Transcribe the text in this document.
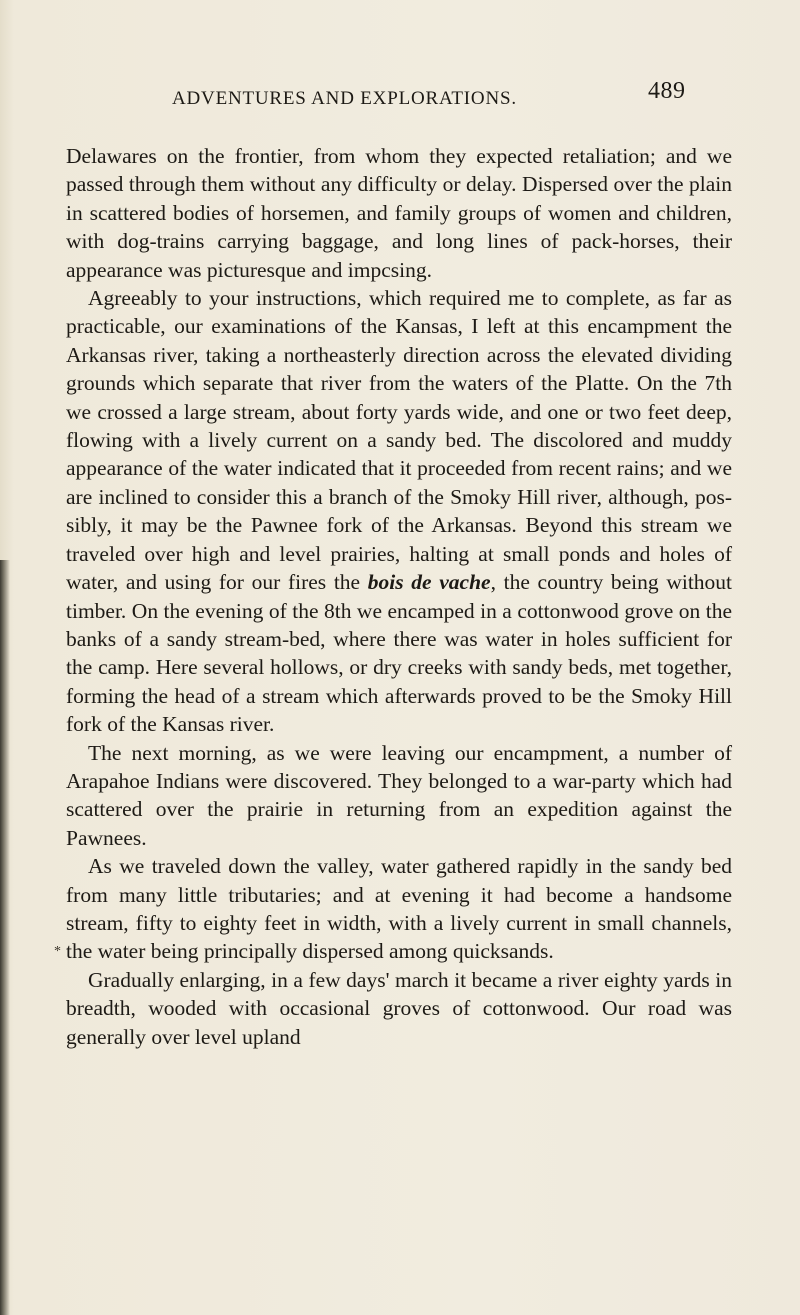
ADVENTURES AND EXPLORATIONS.	489

Delawares on the frontier, from whom they expected retaliation; and we passed through them without any difficulty or delay. Dispersed over the plain in scattered bodies of horsemen, and family groups of women and children, with dog-trains carrying baggage, and long lines of pack-horses, their appearance was picturesque and impcsing.

Agreeably to your instructions, which required me to complete, as far as practicable, our examinations of the Kansas, I left at this encampment the Arkansas river, taking a northeasterly direction across the elevated dividing grounds which separate that river from the waters of the Platte. On the 7th we crossed a large stream, about forty yards wide, and one or two feet deep, flowing with a lively current on a sandy bed. The discolored and muddy appearance of the water indicated that it proceeded from recent rains; and we are inclined to consider this a branch of the Smoky Hill river, although, possibly, it may be the Pawnee fork of the Arkansas. Beyond this stream we traveled over high and level prairies, halting at small ponds and holes of water, and using for our fires the bois de vache, the country being without timber. On the evening of the 8th we encamped in a cottonwood grove on the banks of a sandy stream-bed, where there was water in holes sufficient for the camp. Here several hollows, or dry creeks with sandy beds, met together, forming the head of a stream which afterwards proved to be the Smoky Hill fork of the Kansas river.

The next morning, as we were leaving our encampment, a number of Arapahoe Indians were discovered. They belonged to a war-party which had scattered over the prairie in returning from an expedition against the Pawnees.

As we traveled down the valley, water gathered rapidly in the sandy bed from many little tributaries; and at evening it had become a handsome stream, fifty to eighty feet in width, with a lively current in small channels, the water being principally dispersed among quicksands.

Gradually enlarging, in a few days' march it became a river eighty yards in breadth, wooded with occasional groves of cottonwood. Our road was generally over level upland

*
